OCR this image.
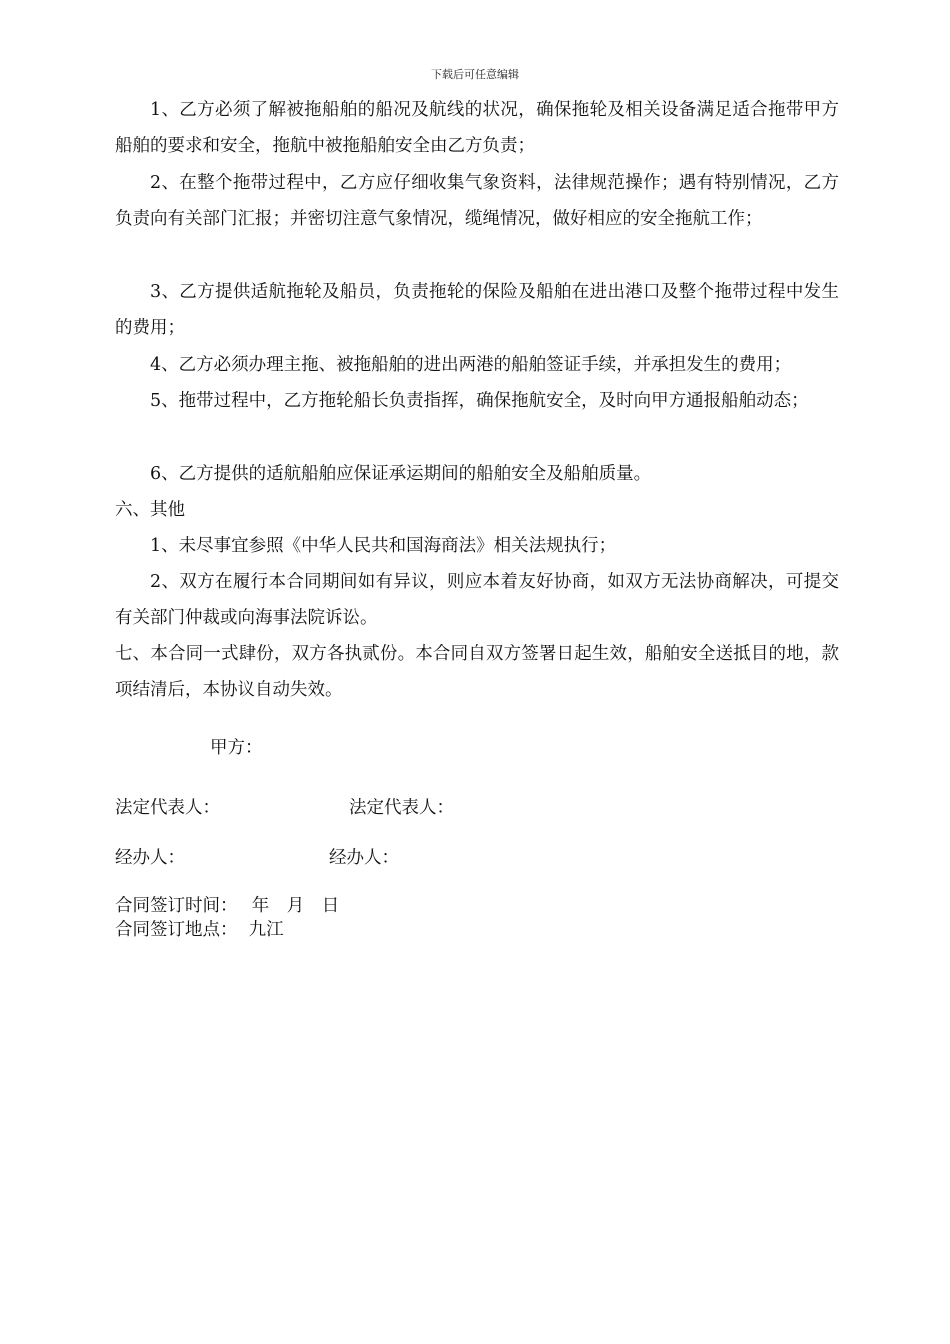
下载后可任意编辑

1、乙方必须了解被拖船舶的船况及航线的状况，确保拖轮及相关设备满足适合拖带甲方船舶的要求和安全，拖航中被拖船舶安全由乙方负责；

2、在整个拖带过程中，乙方应仔细收集气象资料，法律规范操作；遇有特别情况，乙方负责向有关部门汇报；并密切注意气象情况，缆绳情况，做好相应的安全拖航工作；

3、乙方提供适航拖轮及船员，负责拖轮的保险及船舶在进出港口及整个拖带过程中发生的费用；

4、乙方必须办理主拖、被拖船舶的进出两港的船舶签证手续，并承担发生的费用；

5、拖带过程中，乙方拖轮船长负责指挥，确保拖航安全，及时向甲方通报船舶动态；

6、乙方提供的适航船舶应保证承运期间的船舶安全及船舶质量。

六、其他

1、未尽事宜参照《中华人民共和国海商法》相关法规执行；

2、双方在履行本合同期间如有异议，则应本着友好协商，如双方无法协商解决，可提交有关部门仲裁或向海事法院诉讼。

七、本合同一式肆份，双方各执贰份。本合同自双方签署日起生效，船舶安全送抵目的地，款项结清后，本协议自动失效。

甲方：
法定代表人：	法定代表人：
经办人：	经办人：
合同签订时间：　 年　月　日
合同签订地点：  九江
